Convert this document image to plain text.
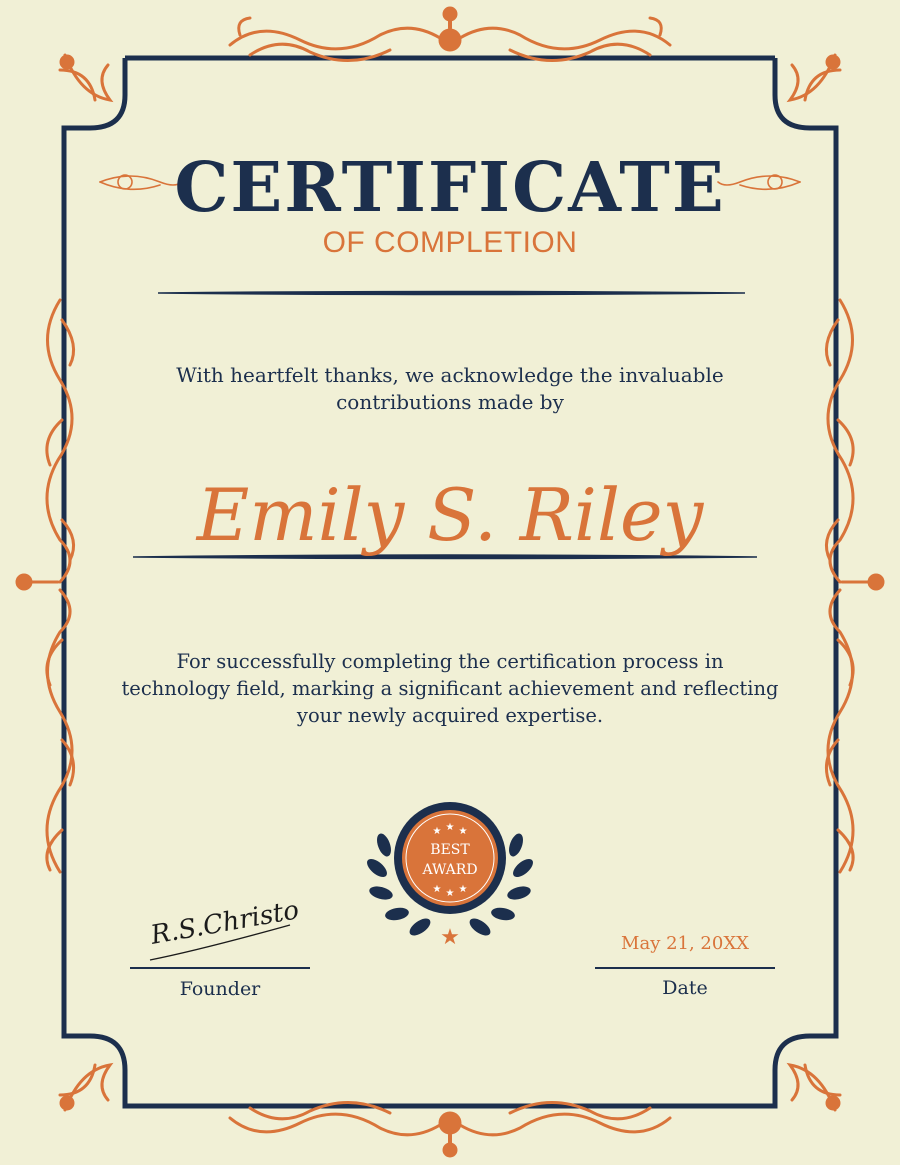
★ ★ ★
★ ★ ★
BEST
AWARD
★
CERTIFICATE
OF COMPLETION
With heartfelt thanks, we acknowledge the invaluable contributions made by
Emily S. Riley
For successfully completing the certification process in technology field, marking a significant achievement and reflecting your newly acquired expertise.
R.S.Christo
Founder
May 21, 20XX
Date
